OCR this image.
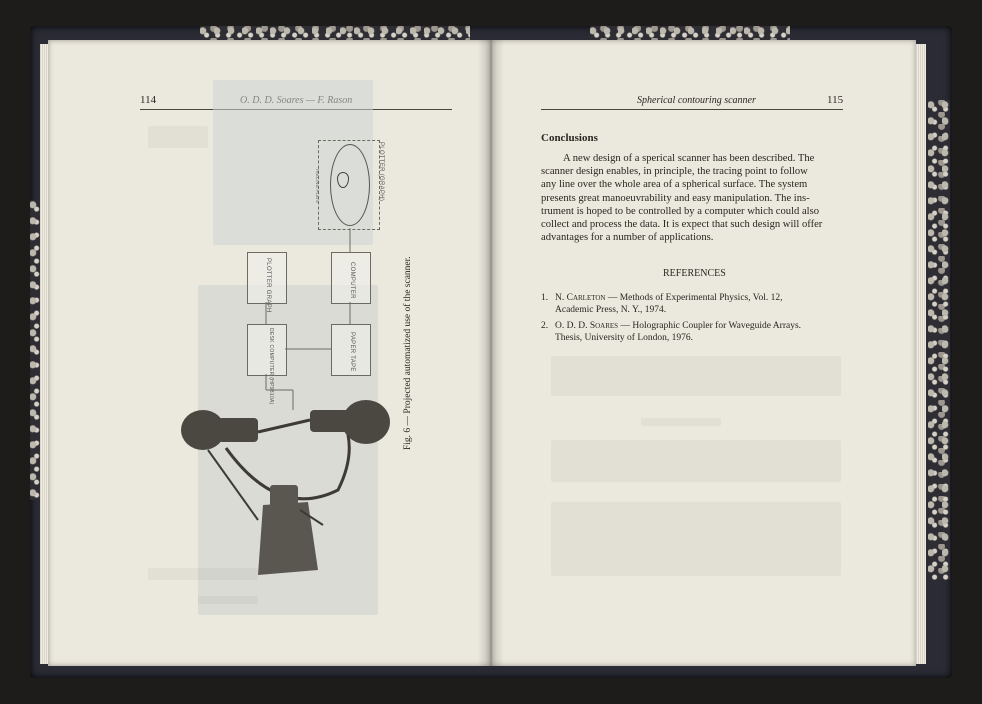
114
TRACING PLATE	PLOTTER (GRAPH)
PLOTTER GRAPH	COMPUTER
DESK COMPUTER (HP9810A)	PAPER TAPE	Fig. 6 — Projected automatized use of the scanner.
Spherical contouring scanner	115
Conclusions
A new design of a sperical scanner has been described. The
scanner design enables, in principle, the tracing point to follow
any line over the whole area of a spherical surface. The system
presents great manoeuvrability and easy manipulation. The ins-
trument is hoped to be controlled by a computer which could also
collect and process the data. It is expect that such design will offer
advantages for a number of applications.
REFERENCES
1. N. Carleton — Methods of Experimental Physics, Vol. 12,
Academic Press, N. Y., 1974.
2. O. D. D. Soares — Holographic Coupler for Waveguide Arrays.
Thesis, University of London, 1976.
